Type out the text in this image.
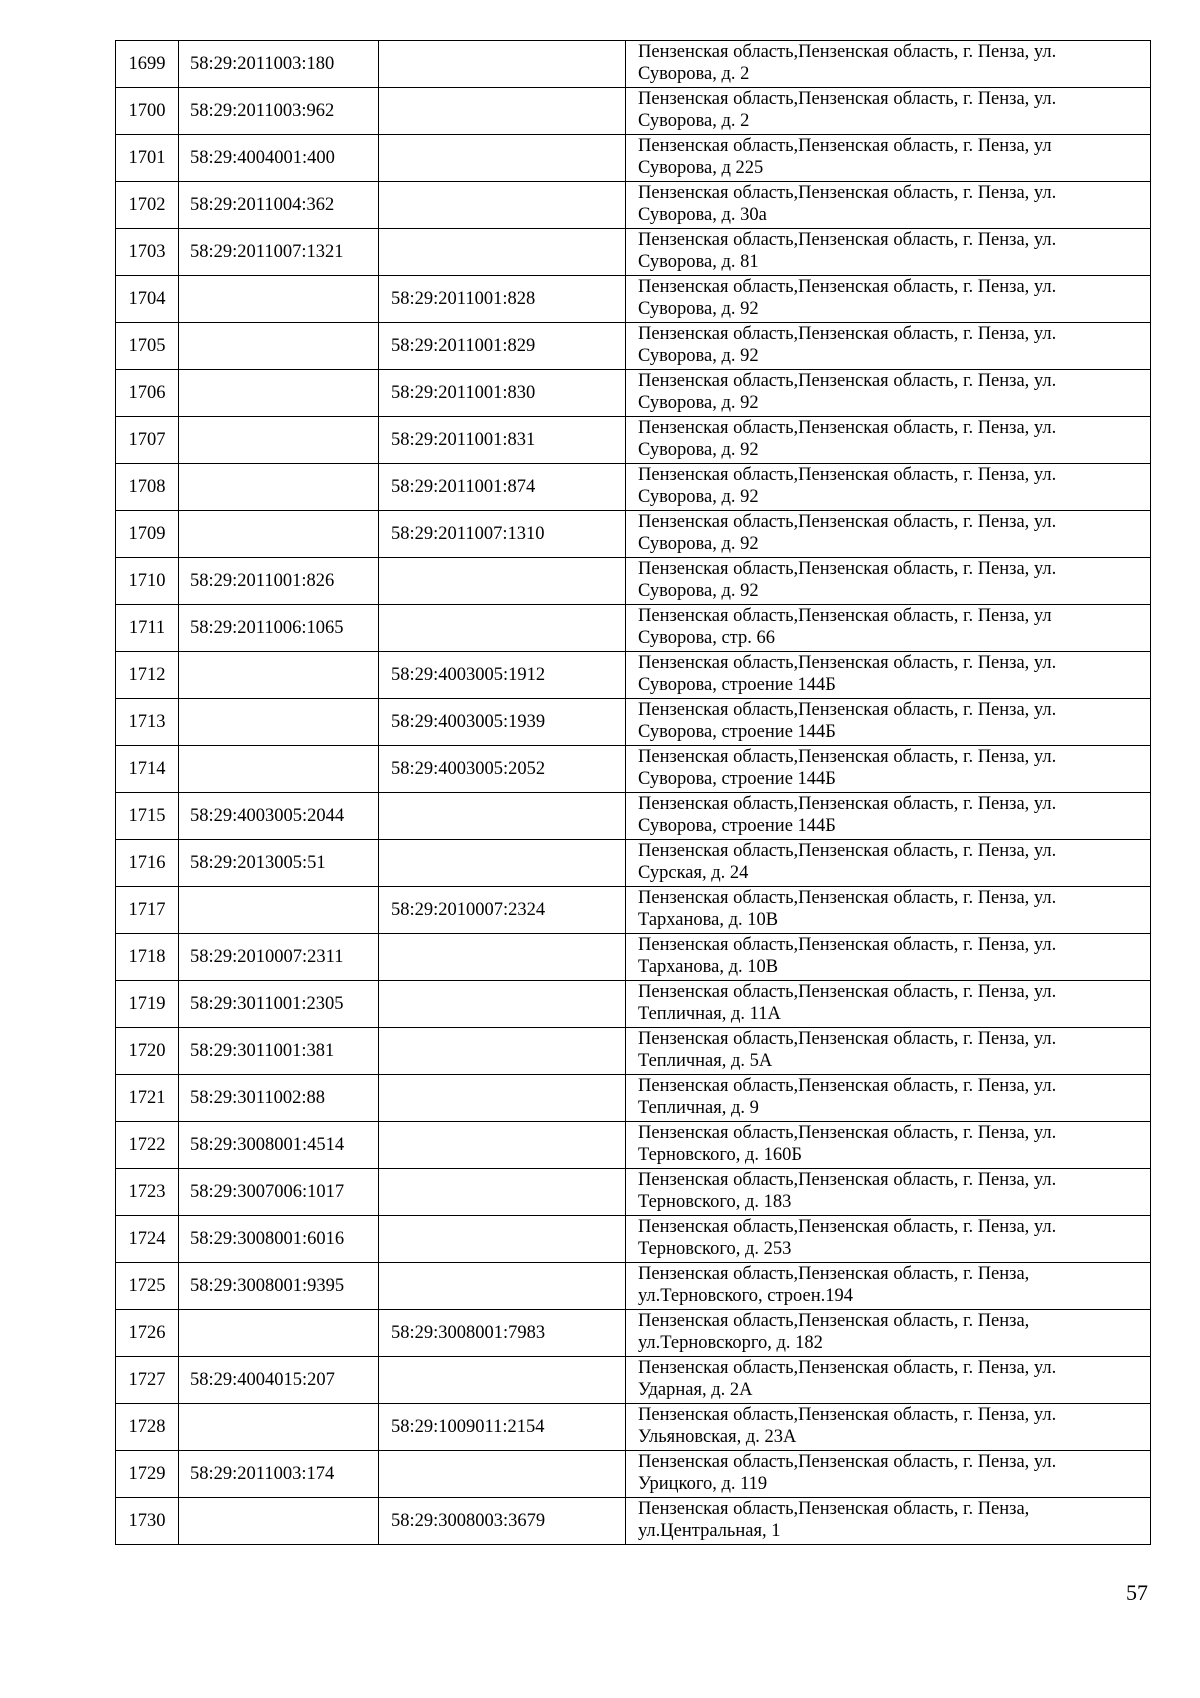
1699	58:29:2011003:180		Пензенская область,Пензенская область, г. Пенза, ул.
Суворова, д. 2

1700	58:29:2011003:962		Пензенская область,Пензенская область, г. Пенза, ул.
Суворова, д. 2

1701	58:29:4004001:400		Пензенская область,Пензенская область, г. Пенза, ул
Суворова, д 225

1702	58:29:2011004:362		Пензенская область,Пензенская область, г. Пенза, ул.
Суворова, д. 30а

1703	58:29:2011007:1321		Пензенская область,Пензенская область, г. Пенза, ул.
Суворова, д. 81

1704		58:29:2011001:828	Пензенская область,Пензенская область, г. Пенза, ул.
Суворова, д. 92

1705		58:29:2011001:829	Пензенская область,Пензенская область, г. Пенза, ул.
Суворова, д. 92

1706		58:29:2011001:830	Пензенская область,Пензенская область, г. Пенза, ул.
Суворова, д. 92

1707		58:29:2011001:831	Пензенская область,Пензенская область, г. Пенза, ул.
Суворова, д. 92

1708		58:29:2011001:874	Пензенская область,Пензенская область, г. Пенза, ул.
Суворова, д. 92

1709		58:29:2011007:1310	Пензенская область,Пензенская область, г. Пенза, ул.
Суворова, д. 92

1710	58:29:2011001:826		Пензенская область,Пензенская область, г. Пенза, ул.
Суворова, д. 92

1711	58:29:2011006:1065		Пензенская область,Пензенская область, г. Пенза, ул
Суворова, стр. 66

1712		58:29:4003005:1912	Пензенская область,Пензенская область, г. Пенза, ул.
Суворова, строение 144Б

1713		58:29:4003005:1939	Пензенская область,Пензенская область, г. Пенза, ул.
Суворова, строение 144Б

1714		58:29:4003005:2052	Пензенская область,Пензенская область, г. Пенза, ул.
Суворова, строение 144Б

1715	58:29:4003005:2044		Пензенская область,Пензенская область, г. Пенза, ул.
Суворова, строение 144Б

1716	58:29:2013005:51		Пензенская область,Пензенская область, г. Пенза, ул.
Сурская, д. 24

1717		58:29:2010007:2324	Пензенская область,Пензенская область, г. Пенза, ул.
Тарханова, д. 10В

1718	58:29:2010007:2311		Пензенская область,Пензенская область, г. Пенза, ул.
Тарханова, д. 10В

1719	58:29:3011001:2305		Пензенская область,Пензенская область, г. Пенза, ул.
Тепличная, д. 11А

1720	58:29:3011001:381		Пензенская область,Пензенская область, г. Пенза, ул.
Тепличная, д. 5А

1721	58:29:3011002:88		Пензенская область,Пензенская область, г. Пенза, ул.
Тепличная, д. 9

1722	58:29:3008001:4514		Пензенская область,Пензенская область, г. Пенза, ул.
Терновского, д. 160Б

1723	58:29:3007006:1017		Пензенская область,Пензенская область, г. Пенза, ул.
Терновского, д. 183

1724	58:29:3008001:6016		Пензенская область,Пензенская область, г. Пенза, ул.
Терновского, д. 253

1725	58:29:3008001:9395		Пензенская область,Пензенская область, г. Пенза,
ул.Терновского, строен.194

1726		58:29:3008001:7983	Пензенская область,Пензенская область, г. Пенза,
ул.Терновскорго, д. 182

1727	58:29:4004015:207		Пензенская область,Пензенская область, г. Пенза, ул.
Ударная, д. 2А

1728		58:29:1009011:2154	Пензенская область,Пензенская область, г. Пенза, ул.
Ульяновская, д. 23А

1729	58:29:2011003:174		Пензенская область,Пензенская область, г. Пенза, ул.
Урицкого, д. 119

1730		58:29:3008003:3679	Пензенская область,Пензенская область, г. Пенза,
ул.Центральная, 1
57
